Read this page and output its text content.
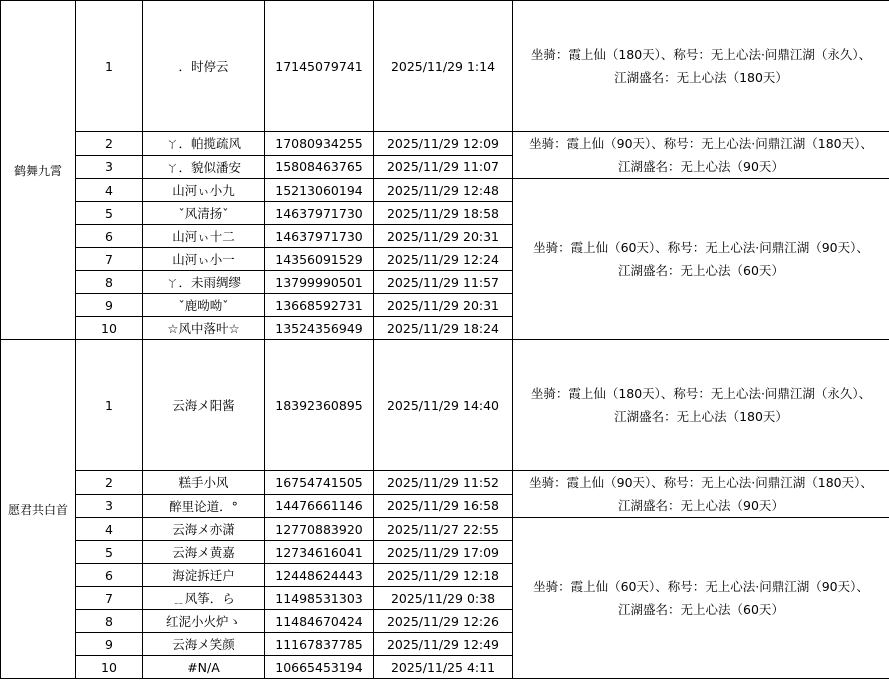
鹤舞九霄	1	．时停云	17145079741	2025/11/29 1:14	坐骑：霞上仙（180天）、称号：无上心法·问鼎江湖（永久）、
江湖盛名：无上心法（180天）

	2	ㄚ．帕揽疏风	17080934255	2025/11/29 12:09	坐骑：霞上仙（90天）、称号：无上心法·问鼎江湖（180天）、
江湖盛名：无上心法（90天）

	3	ㄚ．貌似潘安	15808463765	2025/11/29 11:07	
	4	山河ぃ小九	15213060194	2025/11/29 12:48	坐骑：霞上仙（60天）、称号：无上心法·问鼎江湖（90天）、
江湖盛名：无上心法（60天）

	5	ˇ风清扬ˇ	14637971730	2025/11/29 18:58	
	6	山河ぃ十二	14637971730	2025/11/29 20:31	
	7	山河ぃ小一	14356091529	2025/11/29 12:24	
	8	ㄚ．未雨绸缪	13799990501	2025/11/29 11:57	
	9	ˇ鹿呦呦ˇ	13668592731	2025/11/29 20:31	
	10	☆风中落叶☆	13524356949	2025/11/29 18:24	
愿君共白首	1	云海メ阳酱	18392360895	2025/11/29 14:40	坐骑：霞上仙（180天）、称号：无上心法·问鼎江湖（永久）、
江湖盛名：无上心法（180天）

	2	糕手小风	16754741505	2025/11/29 11:52	坐骑：霞上仙（90天）、称号：无上心法·问鼎江湖（180天）、
江湖盛名：无上心法（90天）

	3	醉里论道．°	14476661146	2025/11/29 16:58	
	4	云海メ亦潇	12770883920	2025/11/27 22:55	坐骑：霞上仙（60天）、称号：无上心法·问鼎江湖（90天）、
江湖盛名：无上心法（60天）

	5	云海メ黄嘉	12734616041	2025/11/29 17:09	
	6	海淀拆迁户	12448624443	2025/11/29 12:18	
	7	﹎风筝．ら	11498531303	2025/11/29 0:38	
	8	红泥小火炉ゝ	11484670424	2025/11/29 12:26	
	9	云海メ笑颜	11167837785	2025/11/29 12:49	
	10	#N/A	10665453194	2025/11/25 4:11	
